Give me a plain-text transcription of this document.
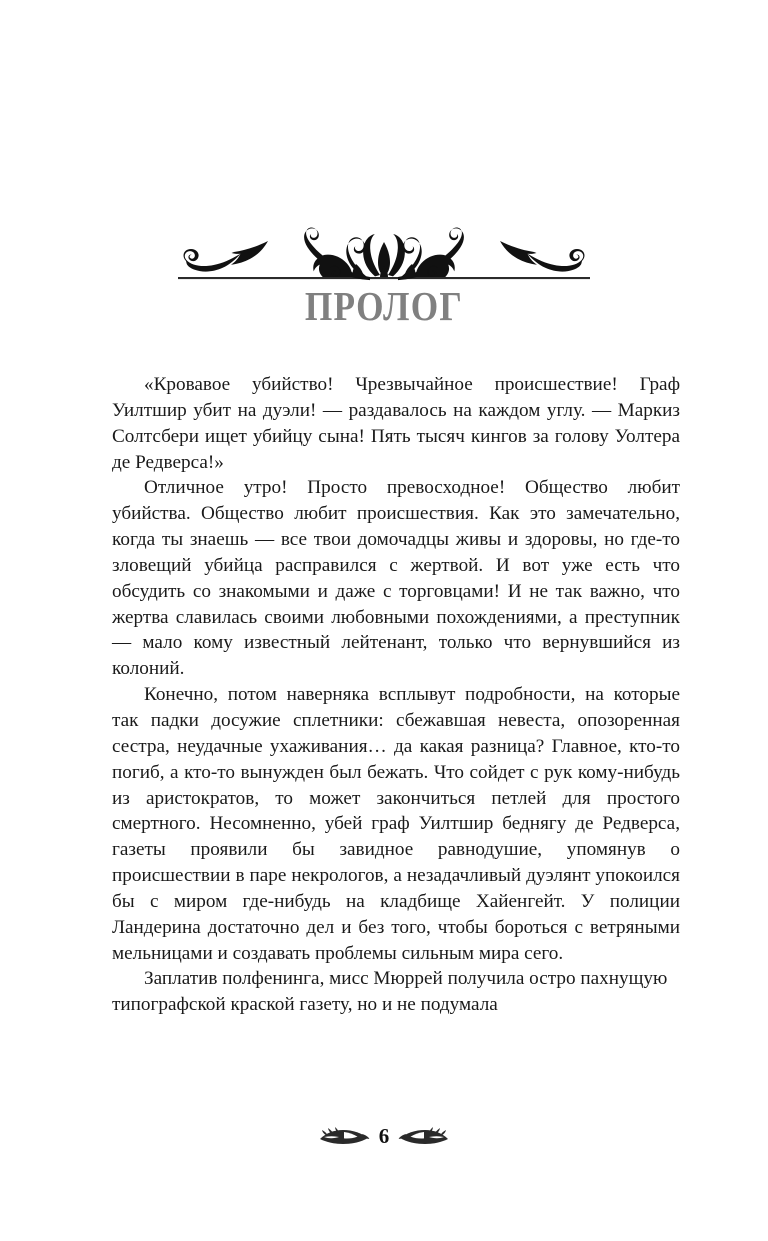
ПРОЛОГ

«Кровавое убийство! Чрезвычайное происшествие! Граф Уилтшир убит на дуэли! — раздавалось на каждом углу. — Маркиз Солтсбери ищет убийцу сына! Пять тысяч кингов за голову Уолтера де Редверса!»

Отличное утро! Просто превосходное! Общество любит убийства. Общество любит происшествия. Как это замечательно, когда ты знаешь — все твои домочадцы живы и здоровы, но где-то зловещий убийца расправился с жертвой. И вот уже есть что обсудить со знакомыми и даже с торговцами! И не так важно, что жертва славилась своими любовными похождениями, а преступник — мало кому известный лейтенант, только что вернувшийся из колоний.

Конечно, потом наверняка всплывут подробности, на которые так падки досужие сплетники: сбежавшая невеста, опозоренная сестра, неудачные ухаживания… да какая разница? Главное, кто-то погиб, а кто-то вынужден был бежать. Что сойдет с рук кому-нибудь из аристократов, то может закончиться петлей для простого смертного. Несомненно, убей граф Уилтшир беднягу де Редверса, газеты проявили бы завидное равнодушие, упомянув о происшествии в паре некрологов, а незадачливый дуэлянт упокоился бы с миром где-нибудь на кладбище Хайенгейт. У полиции Ландерина достаточно дел и без того, чтобы бороться с ветряными мельницами и создавать проблемы сильным мира сего.

Заплатив полфенинга, мисс Мюррей получила остро пахнущую типографской краской газету, но и не подумала

6
